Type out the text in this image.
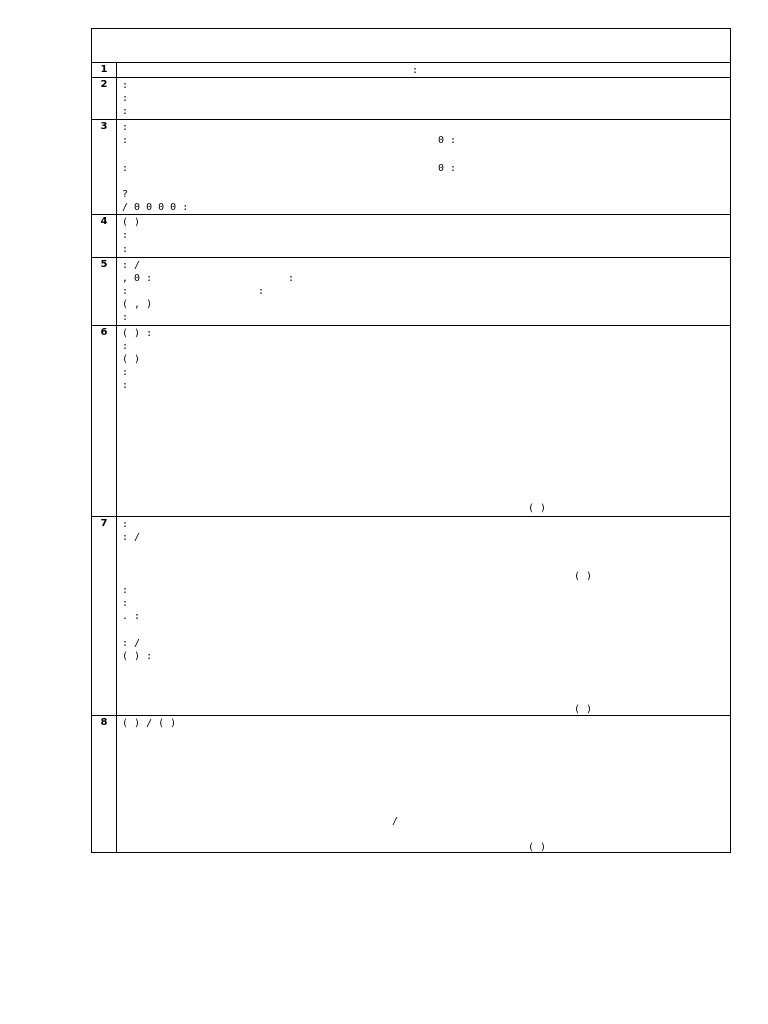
1	:
2	:
:
:
3	:
:	0 :
:	0 :
?
/ 0 0 0 0 :
4	( )
:
:
5	: /
, 0 :	:
:	:
( , )
:
6	( ) :
:
( )
:
:
( )
7	:
: /
( )
:
:
. :
: /
( ) :
( )
8	( ) / ( )
/
( )
